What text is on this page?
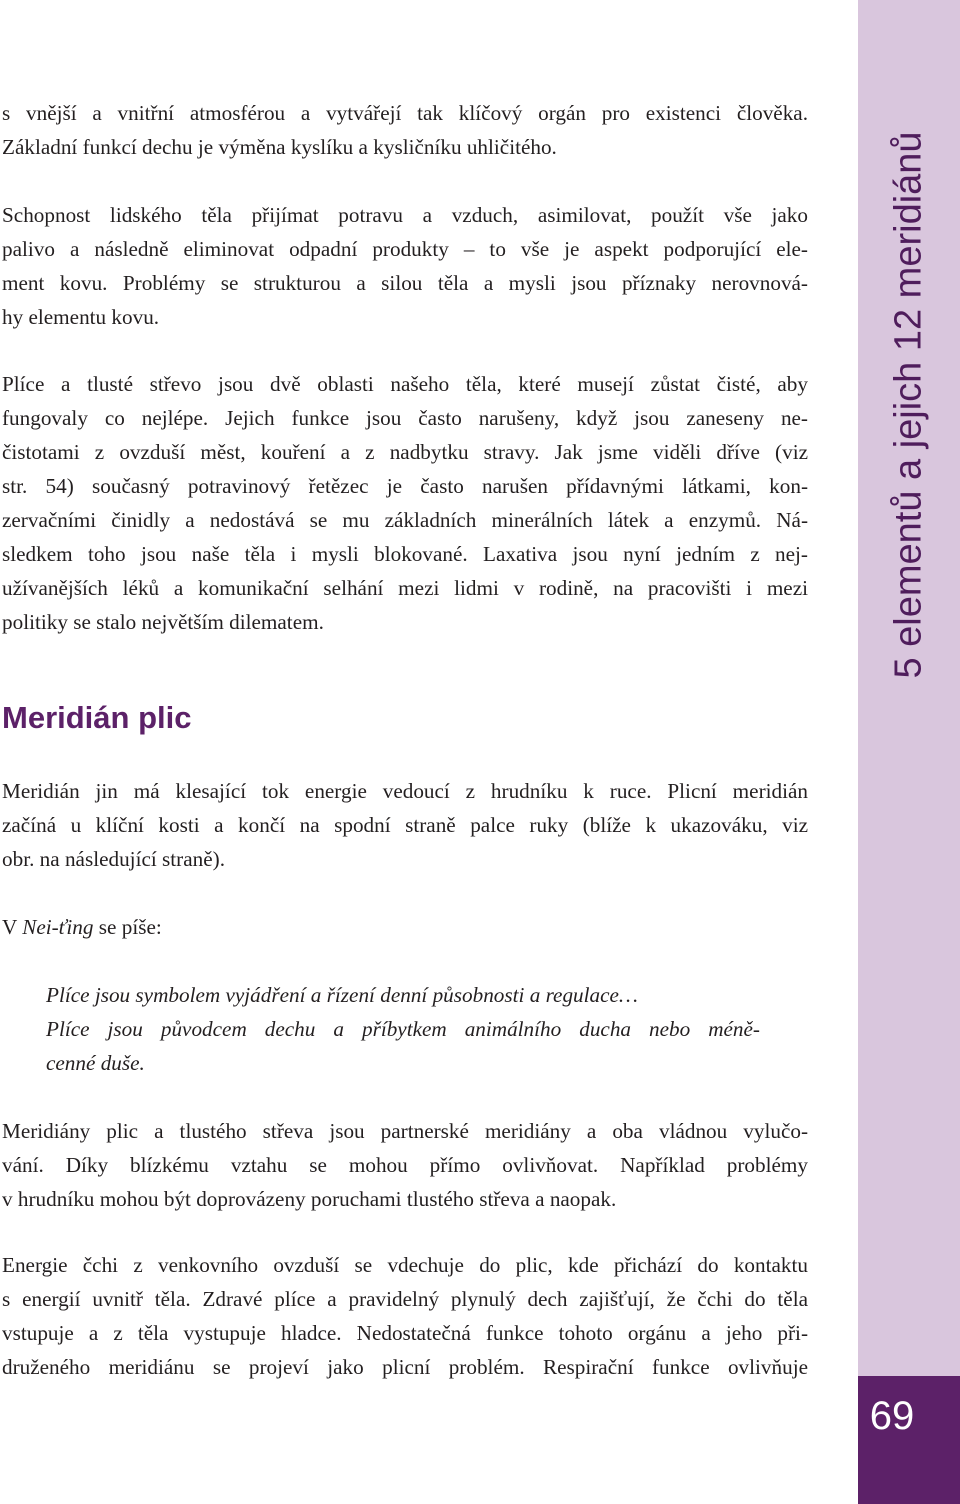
s vnější a vnitřní atmosférou a vytvářejí tak klíčový orgán pro existenci člověka.
Základní funkcí dechu je výměna kyslíku a kysličníku uhličitého.

Schopnost lidského těla přijímat potravu a vzduch, asimilovat, použít vše jako
palivo a následně eliminovat odpadní produkty – to vše je aspekt podporující ele-
ment kovu. Problémy se strukturou a silou těla a mysli jsou příznaky nerovnová-
hy elementu kovu.

Plíce a tlusté střevo jsou dvě oblasti našeho těla, které musejí zůstat čisté, aby
fungovaly co nejlépe. Jejich funkce jsou často narušeny, když jsou zaneseny ne-
čistotami z ovzduší měst, kouření a z nadbytku stravy. Jak jsme viděli dříve (viz
str. 54) současný potravinový řetězec je často narušen přídavnými látkami, kon-
zervačními činidly a nedostává se mu základních minerálních látek a enzymů. Ná-
sledkem toho jsou naše těla i mysli blokované. Laxativa jsou nyní jedním z nej-
užívanějších léků a komunikační selhání mezi lidmi v rodině, na pracovišti i mezi
politiky se stalo největším dilematem.

Meridián plic

Meridián jin má klesající tok energie vedoucí z hrudníku k ruce. Plicní meridián
začíná u klíční kosti a končí na spodní straně palce ruky (blíže k ukazováku, viz
obr. na následující straně).

V Nei-ťing se píše:

Plíce jsou symbolem vyjádření a řízení denní působnosti a regulace…
Plíce jsou původcem dechu a příbytkem animálního ducha nebo méně-
cenné duše.

Meridiány plic a tlustého střeva jsou partnerské meridiány a oba vládnou vylučo-
vání. Díky blízkému vztahu se mohou přímo ovlivňovat. Například problémy
v hrudníku mohou být doprovázeny poruchami tlustého střeva a naopak.

Energie čchi z venkovního ovzduší se vdechuje do plic, kde přichází do kontaktu
s energií uvnitř těla. Zdravé plíce a pravidelný plynulý dech zajišťují, že čchi do těla
vstupuje a z těla vystupuje hladce. Nedostatečná funkce tohoto orgánu a jeho při-
druženého meridiánu se projeví jako plicní problém. Respirační funkce ovlivňuje

5 elementů a jejich 12 meridiánů
69
